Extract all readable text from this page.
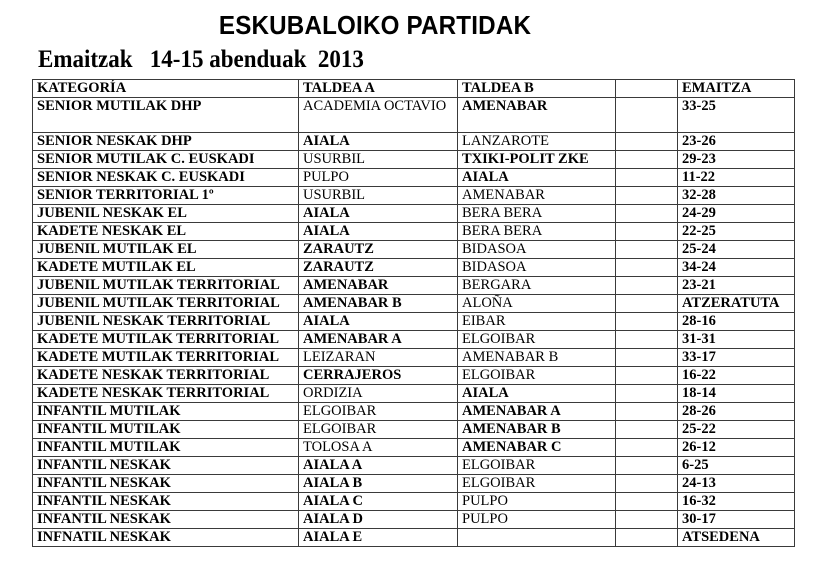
ESKUBALOIKO PARTIDAK
Emaitzak   14-15 abenduak  2013
KATEGORÍA	TALDEA A	TALDEA B		EMAITZA
SENIOR MUTILAK DHP	ACADEMIA OCTAVIO	AMENABAR		33-25
SENIOR NESKAK DHP	AIALA	LANZAROTE		23-26
SENIOR MUTILAK C. EUSKADI	USURBIL	TXIKI-POLIT ZKE		29-23
SENIOR NESKAK C. EUSKADI	PULPO	AIALA		11-22
SENIOR TERRITORIAL 1º	USURBIL	AMENABAR		32-28
JUBENIL NESKAK EL	AIALA	BERA BERA		24-29
KADETE NESKAK EL	AIALA	BERA BERA		22-25
JUBENIL MUTILAK EL	ZARAUTZ	BIDASOA		25-24
KADETE MUTILAK EL	ZARAUTZ	BIDASOA		34-24
JUBENIL MUTILAK TERRITORIAL	AMENABAR	BERGARA		23-21
JUBENIL MUTILAK TERRITORIAL	AMENABAR B	ALOÑA		ATZERATUTA
JUBENIL NESKAK TERRITORIAL	AIALA	EIBAR		28-16
KADETE MUTILAK TERRITORIAL	AMENABAR A	ELGOIBAR		31-31
KADETE MUTILAK TERRITORIAL	LEIZARAN	AMENABAR B		33-17
KADETE NESKAK TERRITORIAL	CERRAJEROS	ELGOIBAR		16-22
KADETE NESKAK TERRITORIAL	ORDIZIA	AIALA		18-14
INFANTIL MUTILAK	ELGOIBAR	AMENABAR A		28-26
INFANTIL MUTILAK	ELGOIBAR	AMENABAR B		25-22
INFANTIL MUTILAK	TOLOSA A	AMENABAR C		26-12
INFANTIL NESKAK	AIALA A	ELGOIBAR		6-25
INFANTIL NESKAK	AIALA B	ELGOIBAR		24-13
INFANTIL NESKAK	AIALA C	PULPO		16-32
INFANTIL NESKAK	AIALA D	PULPO		30-17
INFNATIL NESKAK	AIALA E			ATSEDENA
